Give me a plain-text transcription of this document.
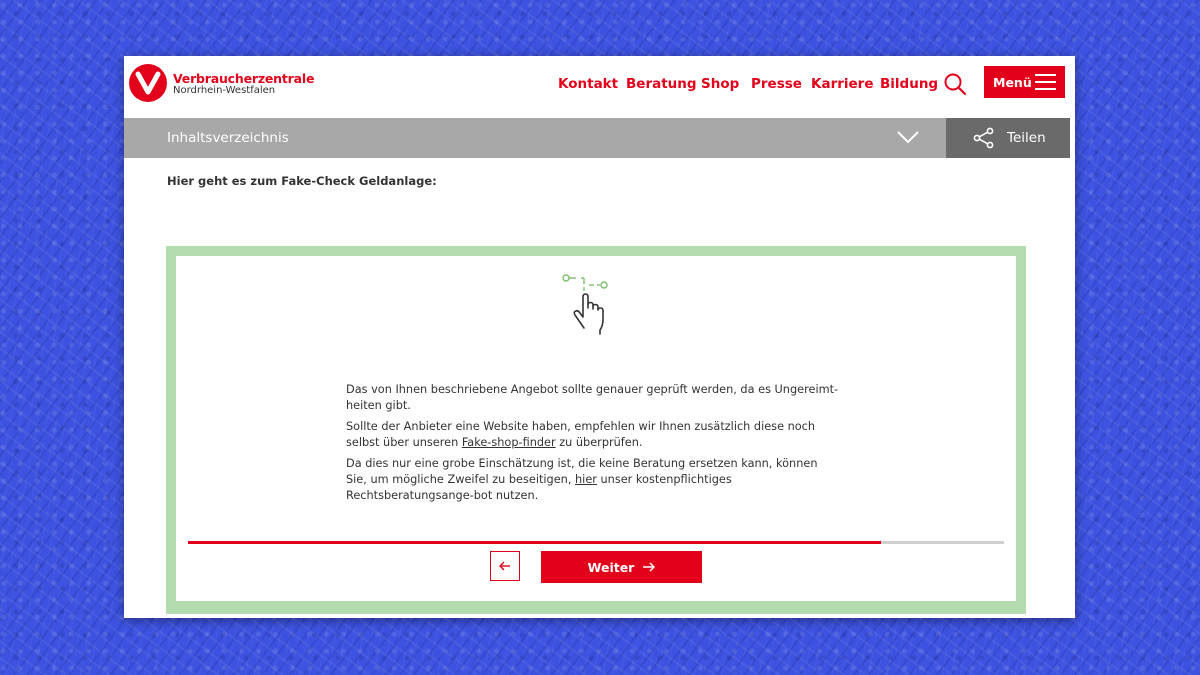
Verbraucherzentrale
Nordrhein-Westfalen	Kontakt Beratung Shop Presse Karriere Bildung	Menü
Inhaltsverzeichnis	Teilen
Hier geht es zum Fake-Check Geldanlage:

Das von Ihnen beschriebene Angebot sollte genauer geprüft werden, da es Ungereimt-heiten gibt.

Sollte der Anbieter eine Website haben, empfehlen wir Ihnen zusätzlich diese noch selbst über unseren Fake-shop-finder zu überprüfen.

Da dies nur eine grobe Einschätzung ist, die keine Beratung ersetzen kann, können Sie, um mögliche Zweifel zu beseitigen, hier unser kostenpflichtiges Rechtsberatungsange-bot nutzen.

Weiter
